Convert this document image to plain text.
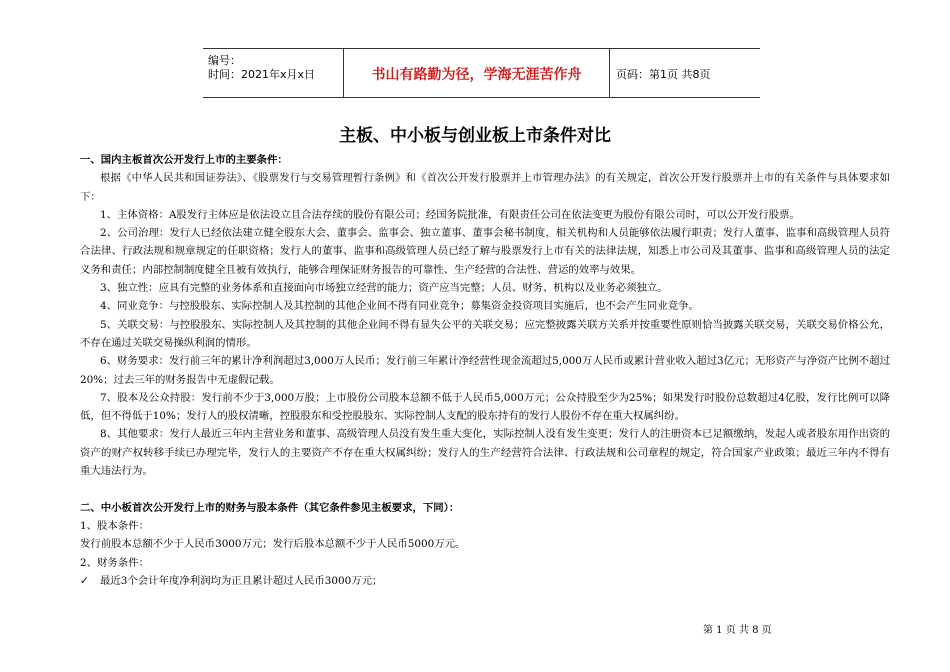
编号：
时间：2021年x月x日	书山有路勤为径，学海无涯苦作舟	页码：第1页 共8页
主板、中小板与创业板上市条件对比

一、国内主板首次公开发行上市的主要条件：

根据《中华人民共和国证券法》、《股票发行与交易管理暂行条例》和《首次公开发行股票并上市管理办法》的有关规定，首次公开发行股票并上市的有关条件与具体要求如下：

1、主体资格：A股发行主体应是依法设立且合法存续的股份有限公司；经国务院批准，有限责任公司在依法变更为股份有限公司时，可以公开发行股票。

2、公司治理：发行人已经依法建立健全股东大会、董事会、监事会、独立董事、董事会秘书制度，相关机构和人员能够依法履行职责；发行人董事、监事和高级管理人员符合法律、行政法规和规章规定的任职资格；发行人的董事、监事和高级管理人员已经了解与股票发行上市有关的法律法规，知悉上市公司及其董事、监事和高级管理人员的法定义务和责任；内部控制制度健全且被有效执行，能够合理保证财务报告的可靠性、生产经营的合法性、营运的效率与效果。

3、独立性：应具有完整的业务体系和直接面向市场独立经营的能力；资产应当完整；人员、财务、机构以及业务必须独立。

4、同业竞争：与控股股东、实际控制人及其控制的其他企业间不得有同业竞争；募集资金投资项目实施后，也不会产生同业竞争。

5、关联交易：与控股股东、实际控制人及其控制的其他企业间不得有显失公平的关联交易；应完整披露关联方关系并按重要性原则恰当披露关联交易，关联交易价格公允，不存在通过关联交易操纵利润的情形。

6、财务要求：发行前三年的累计净利润超过3,000万人民币；发行前三年累计净经营性现金流超过5,000万人民币或累计营业收入超过3亿元；无形资产与净资产比例不超过20%；过去三年的财务报告中无虚假记载。

7、股本及公众持股：发行前不少于3,000万股；上市股份公司股本总额不低于人民币5,000万元；公众持股至少为25%；如果发行时股份总数超过4亿股，发行比例可以降低，但不得低于10%；发行人的股权清晰，控股股东和受控股股东、实际控制人支配的股东持有的发行人股份不存在重大权属纠纷。

8、其他要求：发行人最近三年内主营业务和董事、高级管理人员没有发生重大变化，实际控制人没有发生变更；发行人的注册资本已足额缴纳，发起人或者股东用作出资的资产的财产权转移手续已办理完毕，发行人的主要资产不存在重大权属纠纷；发行人的生产经营符合法律、行政法规和公司章程的规定，符合国家产业政策；最近三年内不得有重大违法行为。

二、中小板首次公开发行上市的财务与股本条件（其它条件参见主板要求，下同）：

1、股本条件：

发行前股本总额不少于人民币3000万元；发行后股本总额不少于人民币5000万元。

2、财务条件：

✓ 最近3个会计年度净利润均为正且累计超过人民币3000万元；

第 1 页 共 8 页
